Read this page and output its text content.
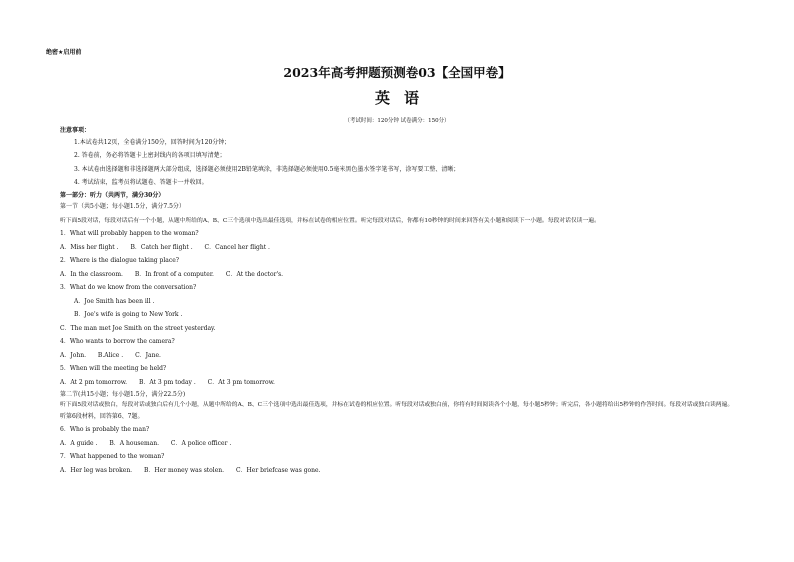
绝密★启用前
2023年高考押题预测卷03【全国甲卷】
英语
（考试时间：120分钟 试卷满分：150分）
注意事项：
1.本试卷共12页，全卷满分150分，回答时间为120分钟；
2. 答卷前，务必将答题卡上密封线内的各项目填写清楚；
3. 本试卷由选择题和非选择题两大部分组成，选择题必须使用2B铅笔填涂，非选择题必须使用0.5毫米黑色墨水签字笔书写，涂写要工整、清晰；
4. 考试结束，监考员将试题卷、答题卡一并收回。
第一部分：听力（共两节，满分30分）
第一节（共5小题；每小题1.5分，满分7.5分）
听下面5段对话，每段对话后有一个小题，从题中所给的A、B、C三个选项中选出最佳选项，并标在试卷的相应位置。听完每段对话后，你都有10秒钟的时间来回答有关小题和阅读下一小题。每段对话仅读一遍。
1．What will probably happen to the woman?
A．Miss her flight . B．Catch her flight . C．Cancel her flight .
2．Where is the dialogue taking place?
A．In the classroom. B．In front of a computer. C．At the doctor's.
3．What do we know from the conversation?
A．Joe Smith has been ill .
B．Joe's wife is going to New York .
C．The man met Joe Smith on the street yesterday.
4．Who wants to borrow the camera?
A．John. B.Alice . C．Jane.
5．When will the meeting be held?
A．At 2 pm tomorrow. B．At 3 pm today . C．At 3 pm tomorrow.
第二节(共15小题；每小题1.5分，满分22.5分)
听下面5段对话或独白，每段对话或独白后有几个小题，从题中所给的A、B、C三个选项中选出最佳选项，并标在试卷的相应位置。听每段对话或独白前，你将有时间阅读各个小题，每小题5秒钟；听完后，各小题将给出5秒钟的作答时间。每段对话或独白读两遍。
听第6段材料，回答第6、7题。
6．Who is probably the man?
A．A guide . B．A houseman. C．A police officer .
7．What happened to the woman?
A．Her leg was broken. B．Her money was stolen. C．Her briefcase was gone.
